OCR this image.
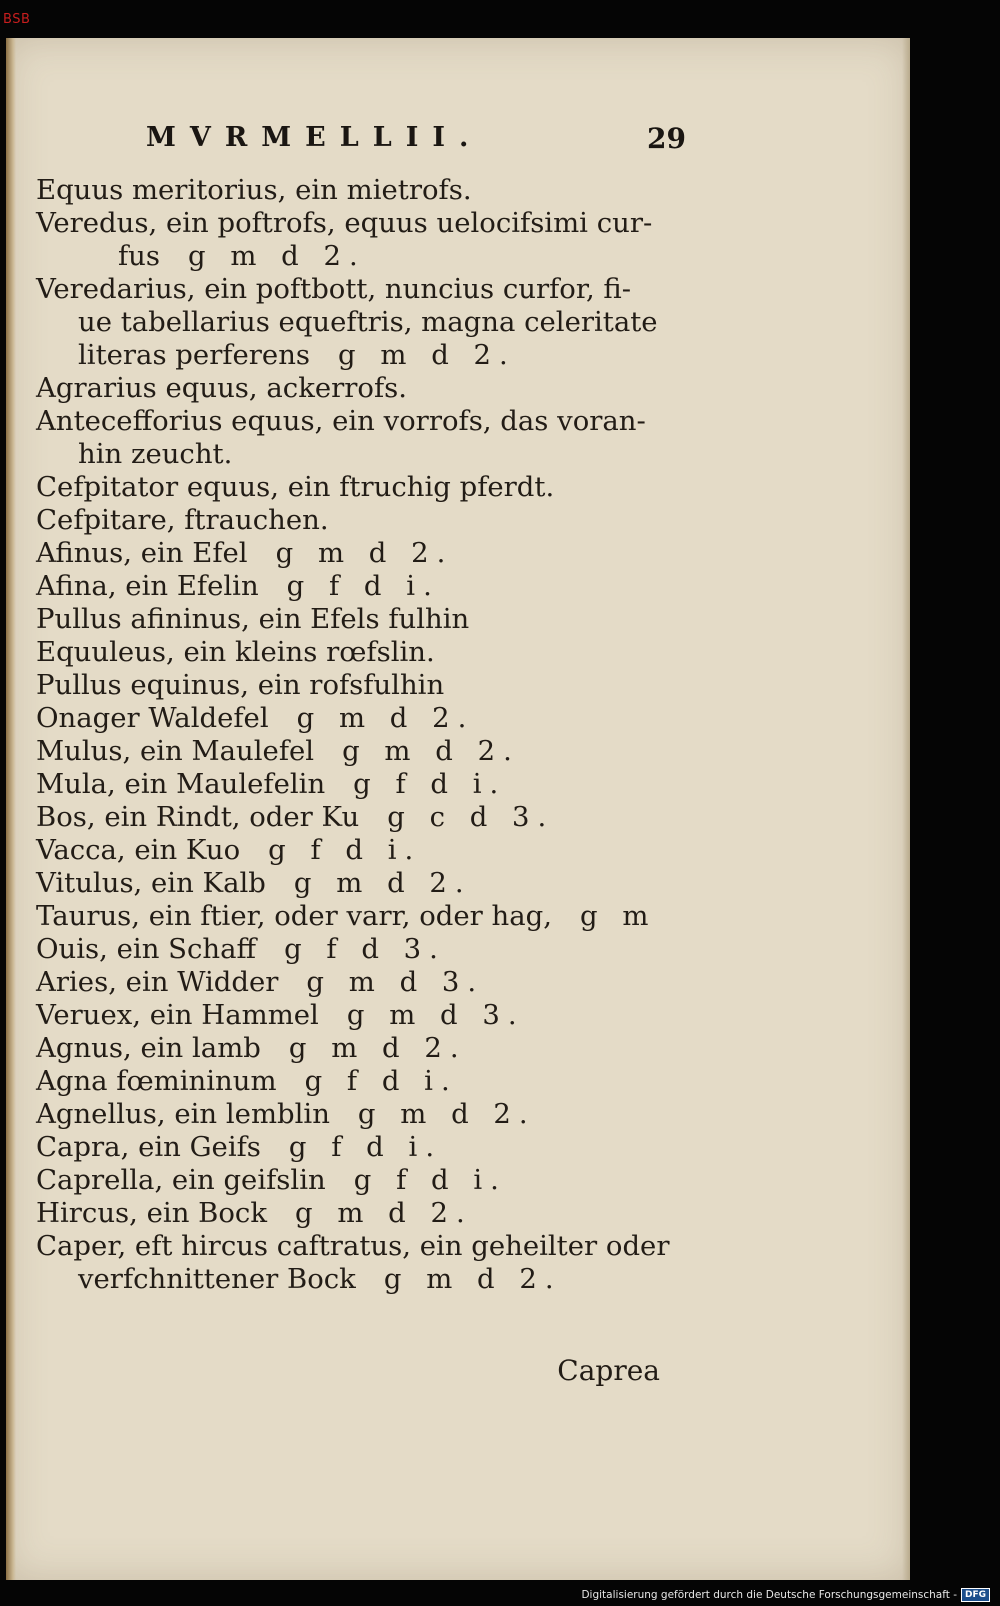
BSB
MVRMELLII.	29
Equus meritorius, ein mietrofs.
Veredus, ein poftrofs, equus uelocifsimi cur-
fus g m d 2.
Veredarius, ein poftbott, nuncius curfor, fi-
ue tabellarius equeftris, magna celeritate
literas perferens g m d 2.
Agrarius equus, ackerrofs.
Antecefforius equus, ein vorrofs, das voran-
hin zeucht.
Cefpitator equus, ein ftruchig pferdt.
Cefpitare, ftrauchen.
Afinus, ein Efel g m d 2.
Afina, ein Efelin g f d i.
Pullus afininus, ein Efels fulhin
Equuleus, ein kleins rœfslin.
Pullus equinus, ein rofsfulhin
Onager Waldefel g m d 2.
Mulus, ein Maulefel g m d 2.
Mula, ein Maulefelin g f d i.
Bos, ein Rindt, oder Ku g c d 3.
Vacca, ein Kuo g f d i.
Vitulus, ein Kalb g m d 2.
Taurus, ein ftier, oder varr, oder hag, g m
Ouis, ein Schaff g f d 3.
Aries, ein Widder g m d 3.
Veruex, ein Hammel g m d 3.
Agnus, ein lamb g m d 2.
Agna fœmininum g f d i.
Agnellus, ein lemblin g m d 2.
Capra, ein Geifs g f d i.
Caprella, ein geifslin g f d i.
Hircus, ein Bock g m d 2.
Caper, eft hircus caftratus, ein geheilter oder
verfchnittener Bock g m d 2.
Caprea
Digitalisierung gefördert durch die Deutsche Forschungsgemeinschaft - DFG
